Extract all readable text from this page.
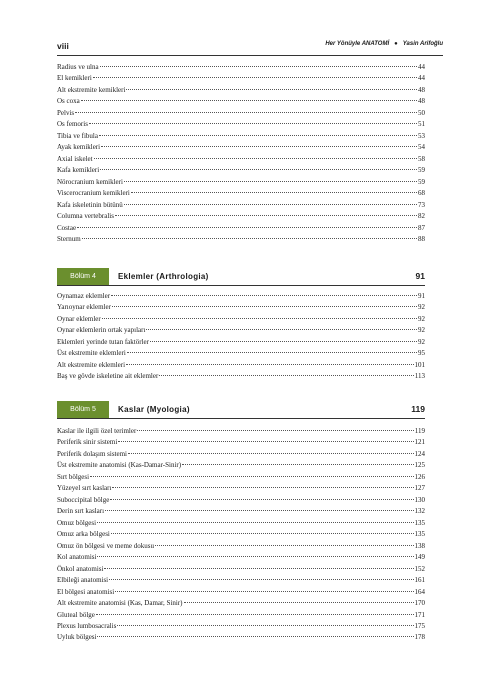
viii	Her Yönüyle ANATOMİ ● Yasin Arifoğlu
Radius ve ulna	44
El kemikleri	44
Alt ekstremite kemikleri	48
Os coxa	48
Pelvis	50
Os femoris	51
Tibia ve fibula	53
Ayak kemikleri	54
Axial iskelet	58
Kafa kemikleri	59
Nörocranium kemikleri	59
Viscerocranium kemikleri	68
Kafa iskeletinin bütünü	73
Columna vertebralis	82
Costae	87
Sternum	88
Bölüm 4	Eklemler (Arthrologia)	91
Oynamaz eklemler	91
Yarıoynar eklemler	92
Oynar eklemler	92
Oynar eklemlerin ortak yapıları	92
Eklemleri yerinde tutan faktörler	92
Üst ekstremite eklemleri	95
Alt ekstremite eklemleri	101
Baş ve gövde iskeletine ait eklemler	113
Bölüm 5	Kaslar (Myologia)	119
Kaslar ile ilgili özel terimler	119
Periferik sinir sistemi	121
Periferik dolaşım sistemi	124
Üst ekstremite anatomisi (Kas-Damar-Sinir)	125
Sırt bölgesi	126
Yüzeyel sırt kasları	127
Suboccipital bölge	130
Derin sırt kasları	132
Omuz bölgesi	135
Omuz arka bölgesi	135
Omuz ön bölgesi ve meme dokusu	138
Kol anatomisi	149
Önkol anatomisi	152
Elbileği anatomisi	161
El bölgesi anatomisi	164
Alt ekstremite anatomisi (Kas, Damar, Sinir)	170
Gluteal bölge	171
Plexus lumbosacralis	175
Uyluk bölgesi	178
